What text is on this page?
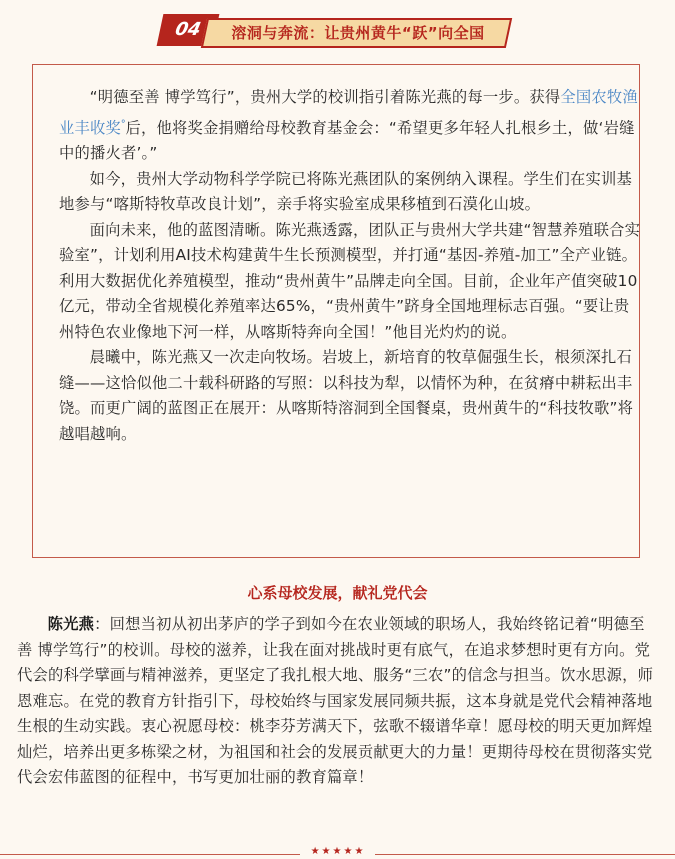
04	溶洞与奔流：让贵州黄牛“跃”向全国

“明德至善 博学笃行”，贵州大学的校训指引着陈光燕的每一步。获得全国农牧渔业丰收奖$^ᐤ$后，他将奖金捐赠给母校教育基金会：“希望更多年轻人扎根乡土，做‘岩缝中的播火者’。”

如今，贵州大学动物科学学院已将陈光燕团队的案例纳入课程。学生们在实训基地参与“喀斯特牧草改良计划”，亲手将实验室成果移植到石漠化山坡。

面向未来，他的蓝图清晰。陈光燕透露，团队正与贵州大学共建“智慧养殖联合实验室”，计划利用AI技术构建黄牛生长预测模型，并打通“基因-养殖-加工”全产业链。利用大数据优化养殖模型，推动“贵州黄牛”品牌走向全国。目前，企业年产值突破10亿元，带动全省规模化养殖率达65%，“贵州黄牛”跻身全国地理标志百强。“要让贵州特色农业像地下河一样，从喀斯特奔向全国！”他目光灼灼的说。

晨曦中，陈光燕又一次走向牧场。岩坡上，新培育的牧草倔强生长，根须深扎石缝——这恰似他二十载科研路的写照：以科技为犁，以情怀为种，在贫瘠中耕耘出丰饶。而更广阔的蓝图正在展开：从喀斯特溶洞到全国餐桌，贵州黄牛的“科技牧歌”将越唱越响。

心系母校发展，献礼党代会

陈光燕：回想当初从初出茅庐的学子到如今在农业领域的职场人，我始终铭记着“明德至善 博学笃行”的校训。母校的滋养，让我在面对挑战时更有底气，在追求梦想时更有方向。党代会的科学擘画与精神滋养，更坚定了我扎根大地、服务“三农”的信念与担当。饮水思源，师恩难忘。在党的教育方针指引下，母校始终与国家发展同频共振，这本身就是党代会精神落地生根的生动实践。衷心祝愿母校：桃李芬芳满天下，弦歌不辍谱华章！愿母校的明天更加辉煌灿烂，培养出更多栋梁之材，为祖国和社会的发展贡献更大的力量！更期待母校在贯彻落实党代会宏伟蓝图的征程中，书写更加壮丽的教育篇章！

★★★★★
